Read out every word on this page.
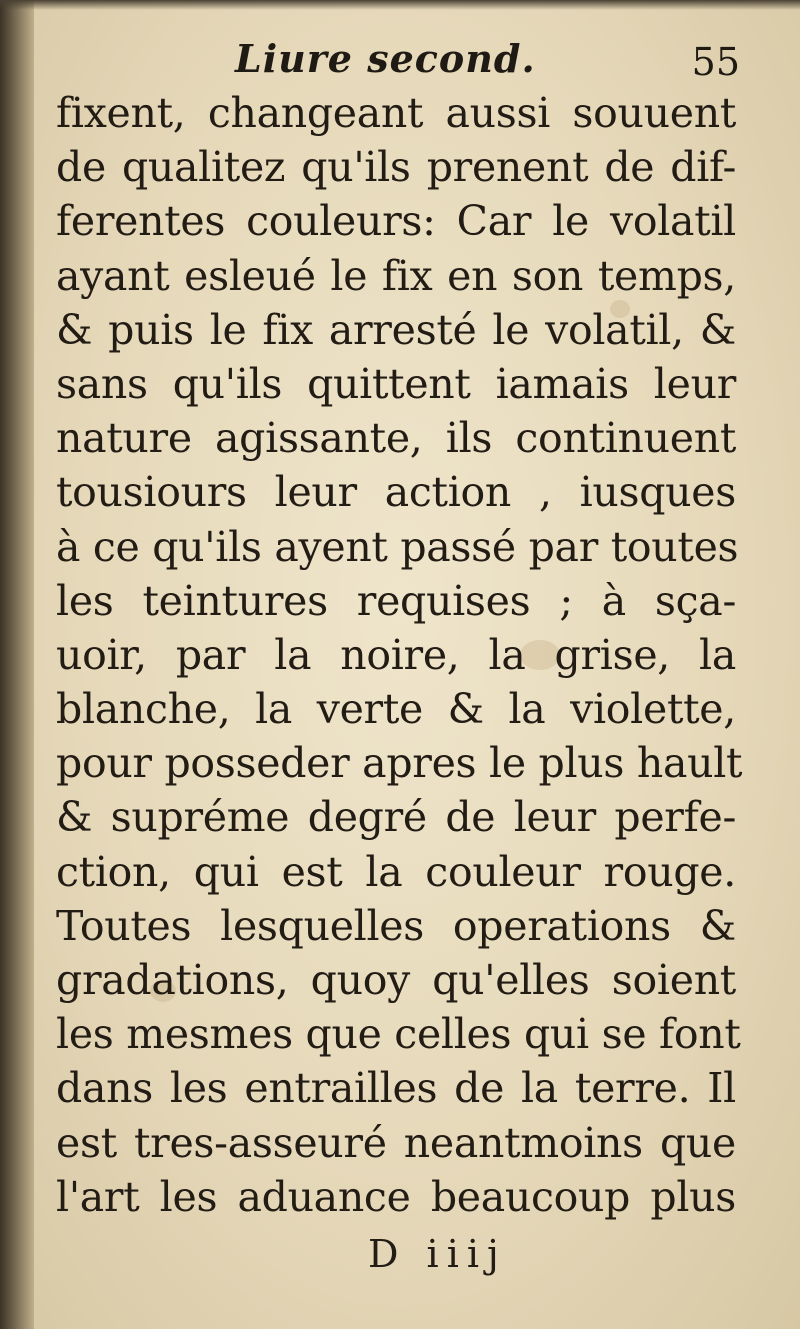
Liure second.	55
fixent, changeant aussi souuent
de qualitez qu'ils prenent de dif-
ferentes couleurs: Car le volatil
ayant esleué le fix en son temps,
& puis le fix arresté le volatil, &
sans qu'ils quittent iamais leur
nature agissante, ils continuent
tousiours leur action , iusques
à ce qu'ils ayent passé par toutes
les teintures requises ; à sça-
uoir, par la noire, la grise, la
blanche, la verte & la violette,
pour posseder apres le plus hault
& supréme degré de leur perfe-
ction, qui est la couleur rouge.
Toutes lesquelles operations &
gradations, quoy qu'elles soient
les mesmes que celles qui se font
dans les entrailles de la terre. Il
est tres-asseuré neantmoins que
l'art les aduance beaucoup plus
D iiij
